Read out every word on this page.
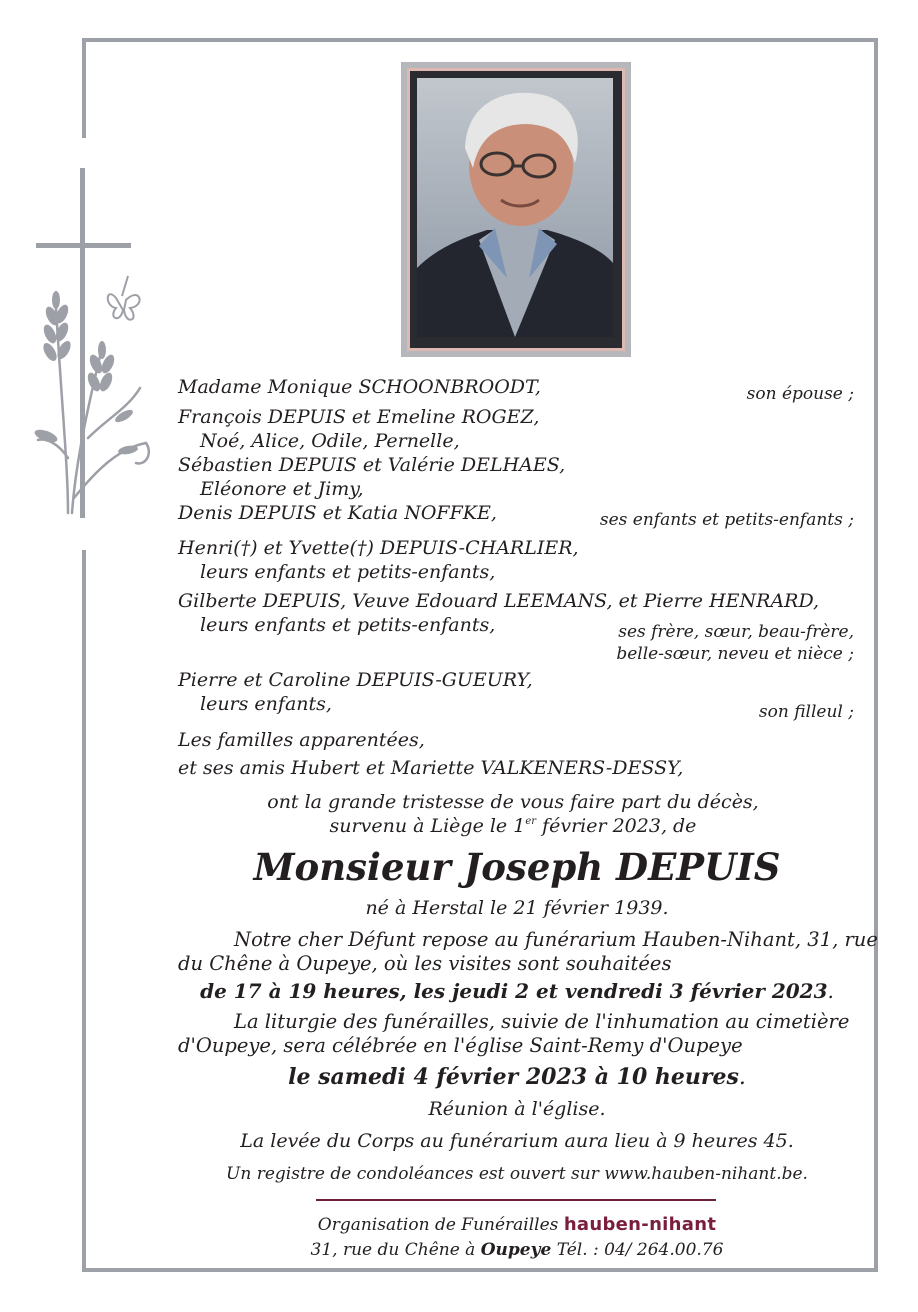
Madame Monique SCHOONBROODT,
François DEPUIS et Emeline ROGEZ,
Noé, Alice, Odile, Pernelle,
Sébastien DEPUIS et Valérie DELHAES,
Eléonore et Jimy,
Denis DEPUIS et Katia NOFFKE,
Henri(†) et Yvette(†) DEPUIS-CHARLIER,
leurs enfants et petits-enfants,
Gilberte DEPUIS, Veuve Edouard LEEMANS, et Pierre HENRARD,
leurs enfants et petits-enfants,
Pierre et Caroline DEPUIS-GUEURY,
leurs enfants,
Les familles apparentées,
et ses amis Hubert et Mariette VALKENERS-DESSY,
son épouse ;
ses enfants et petits-enfants ;
ses frère, sœur, beau-frère,
belle-sœur, neveu et nièce ;
son filleul ;
ont la grande tristesse de vous faire part du décès,
survenu à Liège le 1er février 2023, de
Monsieur Joseph DEPUIS
né à Herstal le 21 février 1939.
Notre cher Défunt repose au funérarium Hauben-Nihant, 31, rue
du Chêne à Oupeye, où les visites sont souhaitées
de 17 à 19 heures, les jeudi 2 et vendredi 3 février 2023.
La liturgie des funérailles, suivie de l'inhumation au cimetière
d'Oupeye, sera célébrée en l'église Saint-Remy d'Oupeye
le samedi 4 février 2023 à 10 heures.
Réunion à l'église.
La levée du Corps au funérarium aura lieu à 9 heures 45.
Un registre de condoléances est ouvert sur www.hauben-nihant.be.
Organisation de Funérailles hauben-nihant
31, rue du Chêne à Oupeye Tél. : 04/ 264.00.76
